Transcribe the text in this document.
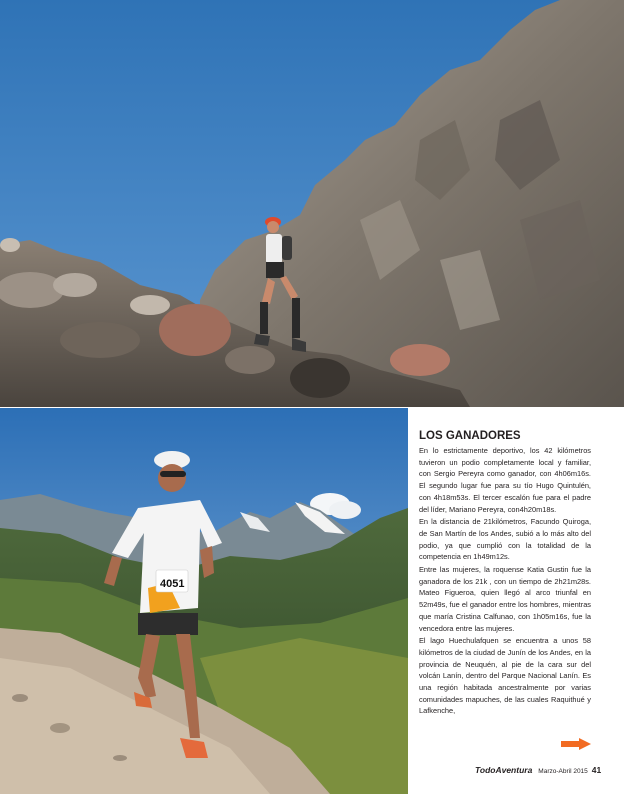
4051
LOS GANADORES

En lo estrictamente deportivo, los 42 kilómetros tuvieron un podio completamente local y familiar, con Sergio Pereyra como ganador, con 4h06m16s. El segundo lugar fue para su tío Hugo Quintulén, con 4h18m53s. El tercer escalón fue para el padre del líder, Mariano Pereyra, con4h20m18s.

En la distancia de 21kilómetros, Facundo Quiroga, de San Martín de los Andes, subió a lo más alto del podio, ya que cumplió con la totalidad de la competencia en 1h49m12s.

Entre las mujeres, la roquense Katia Gustin fue la ganadora de los 21k , con un tiempo de 2h21m28s. Mateo Figueroa, quien llegó al arco triunfal en 52m49s, fue el ganador entre los hombres, mientras que maría Cristina Calfunao, con 1h05m16s, fue la vencedora entre las mujeres.

El lago Huechulafquen se encuentra a unos 58 kilómetros de la ciudad de Junín de los Andes, en la provincia de Neuquén, al pie de la cara sur del volcán Lanín, dentro del Parque Nacional Lanín. Es una región habitada ancestralmente por varias comunidades mapuches, de las cuales Raquithué y Lafkenche,

TodoAventura Marzo-Abril 2015 41
